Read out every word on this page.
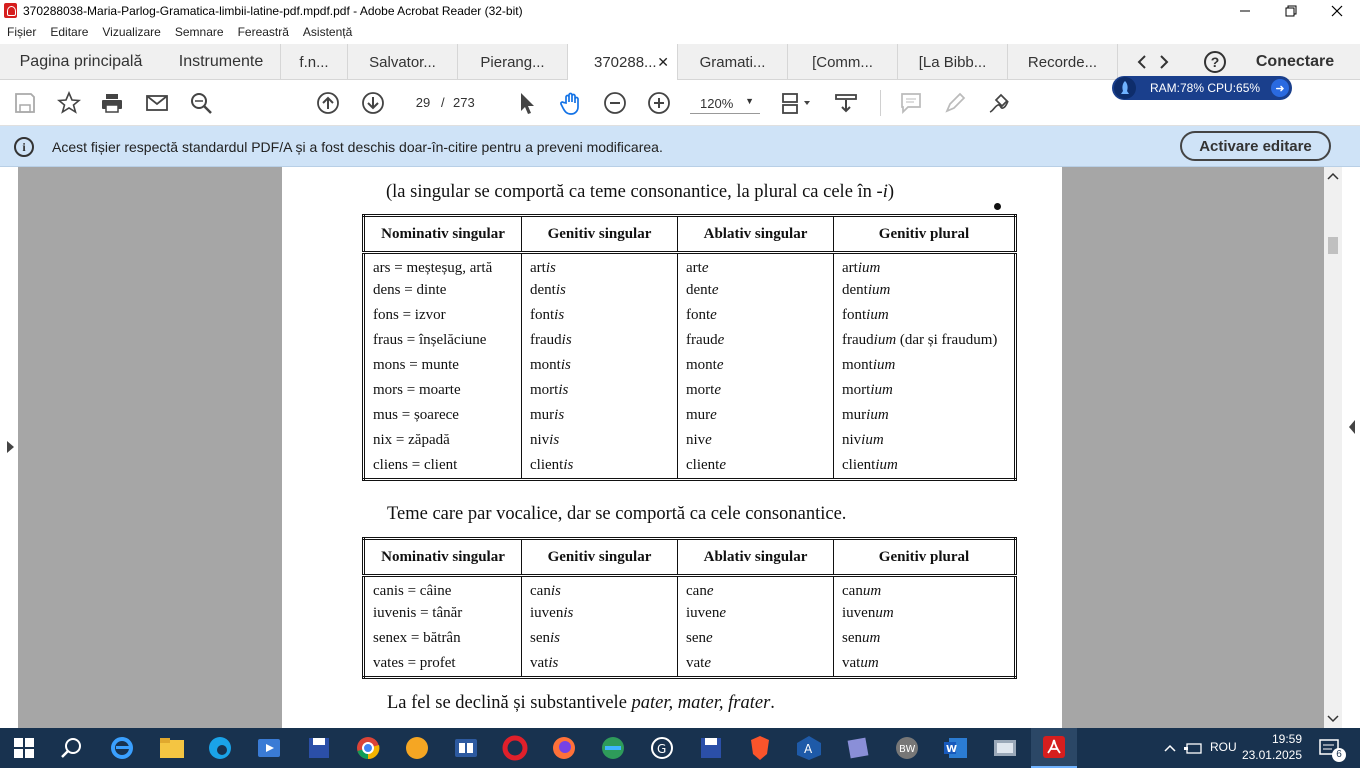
370288038-Maria-Parlog-Gramatica-limbii-latine-pdf.mpdf.pdf - Adobe Acrobat Reader (32-bit)
Fișier Editare Vizualizare Semnare Fereastră Asistență
Pagina principală	Instrumente	f.n...	Salvator...	Pierang...	370288... ✕	Gramati...	[Comm...	[La Bibb...	Recorde...	?	Conectare
29
/ 273	120% ▼
RAM:78% CPU:65%	➜
i	Acest fișier respectă standardul PDF/A și a fost deschis doar-în-citire pentru a preveni modificarea.	Activare editare
(la singular se comportă ca teme consonantice, la plural ca cele în -i)
Nominativ singular	Genitiv singular	Ablativ singular	Genitiv plural
ars = meșteșug, artă	artis	arte	artium
dens = dinte	dentis	dente	dentium
fons = izvor	fontis	fonte	fontium
fraus = înșelăciune	fraudis	fraude	fraudium (dar și fraudum)
mons = munte	montis	monte	montium
mors = moarte	mortis	morte	mortium
mus = șoarece	muris	mure	murium
nix = zăpadă	nivis	nive	nivium
cliens = client	clientis	cliente	clientium
Teme care par vocalice, dar se comportă ca cele consonantice.
Nominativ singular	Genitiv singular	Ablativ singular	Genitiv plural
canis = câine	canis	cane	canum
iuvenis = tânăr	iuvenis	iuvene	iuvenum
senex = bătrân	senis	sene	senum
vates = profet	vatis	vate	vatum
La fel se declină și substantivele pater, mater, frater.
G	A	BW	W	ROU
19:59
23.01.2025	6
